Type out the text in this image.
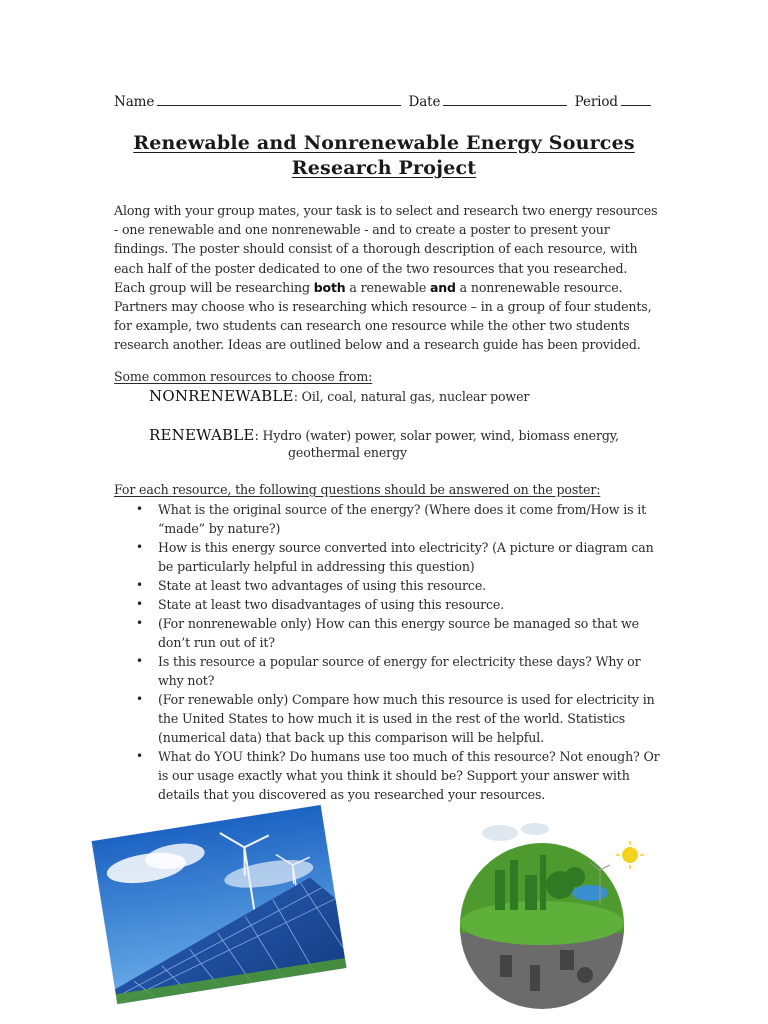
Name	Date	Period
Renewable and Nonrenewable Energy Sources
Research Project
Along with your group mates, your task is to select and research two energy resources - one renewable and one nonrenewable - and to create a poster to present your findings. The poster should consist of a thorough description of each resource, with each half of the poster dedicated to one of the two resources that you researched. Each group will be researching both a renewable and a nonrenewable resource. Partners may choose who is researching which resource – in a group of four students, for example, two students can research one resource while the other two students research another. Ideas are outlined below and a research guide has been provided.
Some common resources to choose from:
NONRENEWABLE: Oil, coal, natural gas, nuclear power
RENEWABLE: Hydro (water) power, solar power, wind, biomass energy,
geothermal energy
For each resource, the following questions should be answered on the poster:
• What is the original source of the energy? (Where does it come from/How is it “made” by nature?)
• How is this energy source converted into electricity? (A picture or diagram can be particularly helpful in addressing this question)
• State at least two advantages of using this resource.
• State at least two disadvantages of using this resource.
• (For nonrenewable only) How can this energy source be managed so that we don’t run out of it?
• Is this resource a popular source of energy for electricity these days? Why or why not?
• (For renewable only) Compare how much this resource is used for electricity in the United States to how much it is used in the rest of the world. Statistics (numerical data) that back up this comparison will be helpful.
• What do YOU think? Do humans use too much of this resource? Not enough? Or is our usage exactly what you think it should be? Support your answer with details that you discovered as you researched your resources.
